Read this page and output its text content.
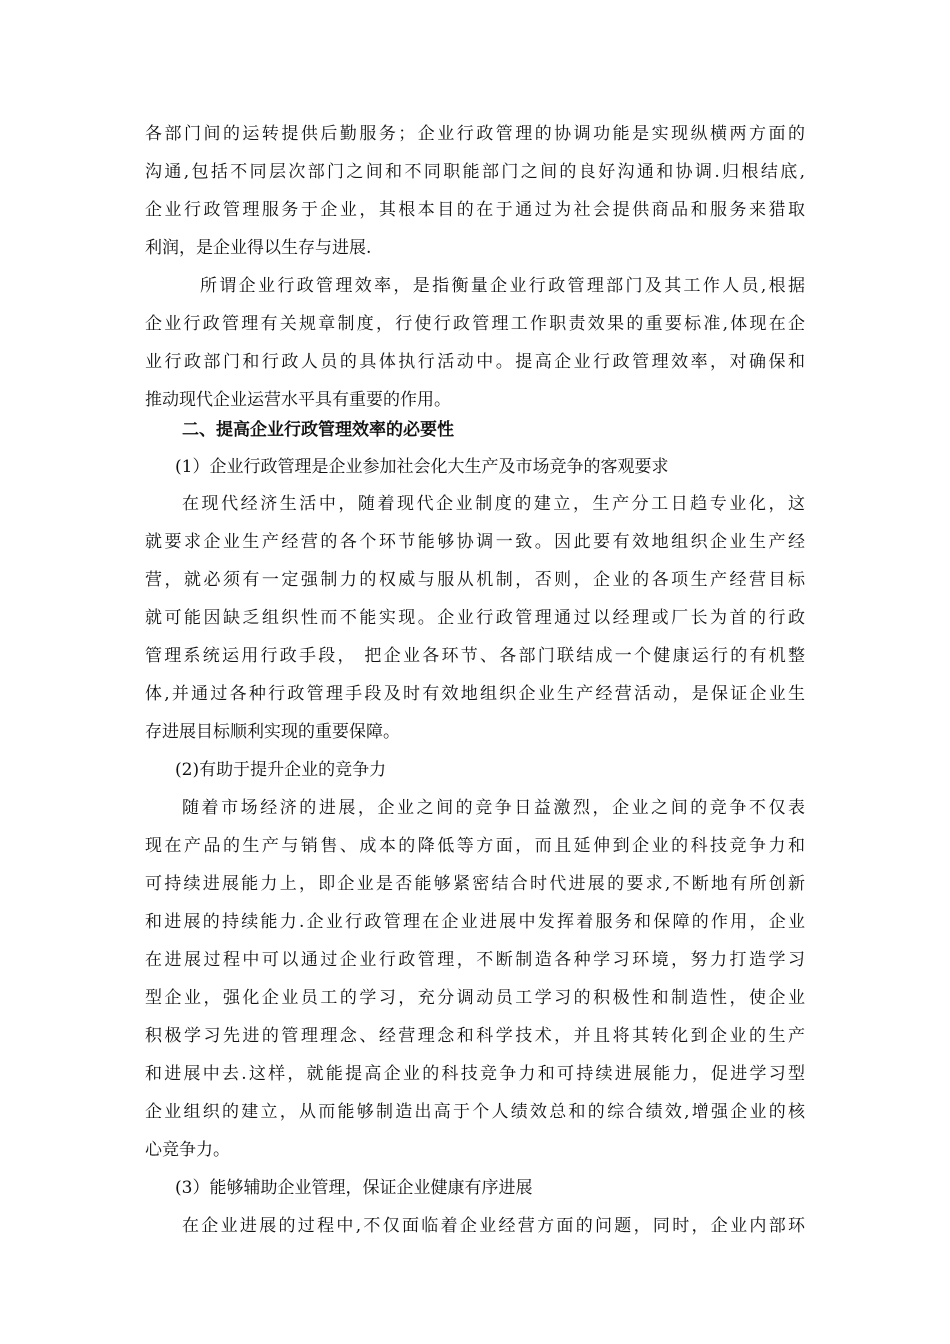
各部门间的运转提供后勤服务；企业行政管理的协调功能是实现纵横两方面的
沟通,包括不同层次部门之间和不同职能部门之间的良好沟通和协调.归根结底,
企业行政管理服务于企业，其根本目的在于通过为社会提供商品和服务来猎取
利润，是企业得以生存与进展.
所谓企业行政管理效率，是指衡量企业行政管理部门及其工作人员,根据
企业行政管理有关规章制度，行使行政管理工作职责效果的重要标准,体现在企
业行政部门和行政人员的具体执行活动中。提高企业行政管理效率，对确保和
推动现代企业运营水平具有重要的作用。
二、提高企业行政管理效率的必要性
(1）企业行政管理是企业参加社会化大生产及市场竞争的客观要求
在现代经济生活中，随着现代企业制度的建立，生产分工日趋专业化，这
就要求企业生产经营的各个环节能够协调一致。因此要有效地组织企业生产经
营，就必须有一定强制力的权威与服从机制，否则，企业的各项生产经营目标
就可能因缺乏组织性而不能实现。企业行政管理通过以经理或厂长为首的行政
管理系统运用行政手段， 把企业各环节、各部门联结成一个健康运行的有机整
体,并通过各种行政管理手段及时有效地组织企业生产经营活动，是保证企业生
存进展目标顺利实现的重要保障。
(2)有助于提升企业的竞争力
随着市场经济的进展，企业之间的竞争日益激烈，企业之间的竞争不仅表
现在产品的生产与销售、成本的降低等方面，而且延伸到企业的科技竞争力和
可持续进展能力上，即企业是否能够紧密结合时代进展的要求,不断地有所创新
和进展的持续能力.企业行政管理在企业进展中发挥着服务和保障的作用，企业
在进展过程中可以通过企业行政管理，不断制造各种学习环境，努力打造学习
型企业，强化企业员工的学习，充分调动员工学习的积极性和制造性，使企业
积极学习先进的管理理念、经营理念和科学技术，并且将其转化到企业的生产
和进展中去.这样，就能提高企业的科技竞争力和可持续进展能力，促进学习型
企业组织的建立，从而能够制造出高于个人绩效总和的综合绩效,增强企业的核
心竞争力。
(3）能够辅助企业管理，保证企业健康有序进展
在企业进展的过程中,不仅面临着企业经营方面的问题，同时，企业内部环
